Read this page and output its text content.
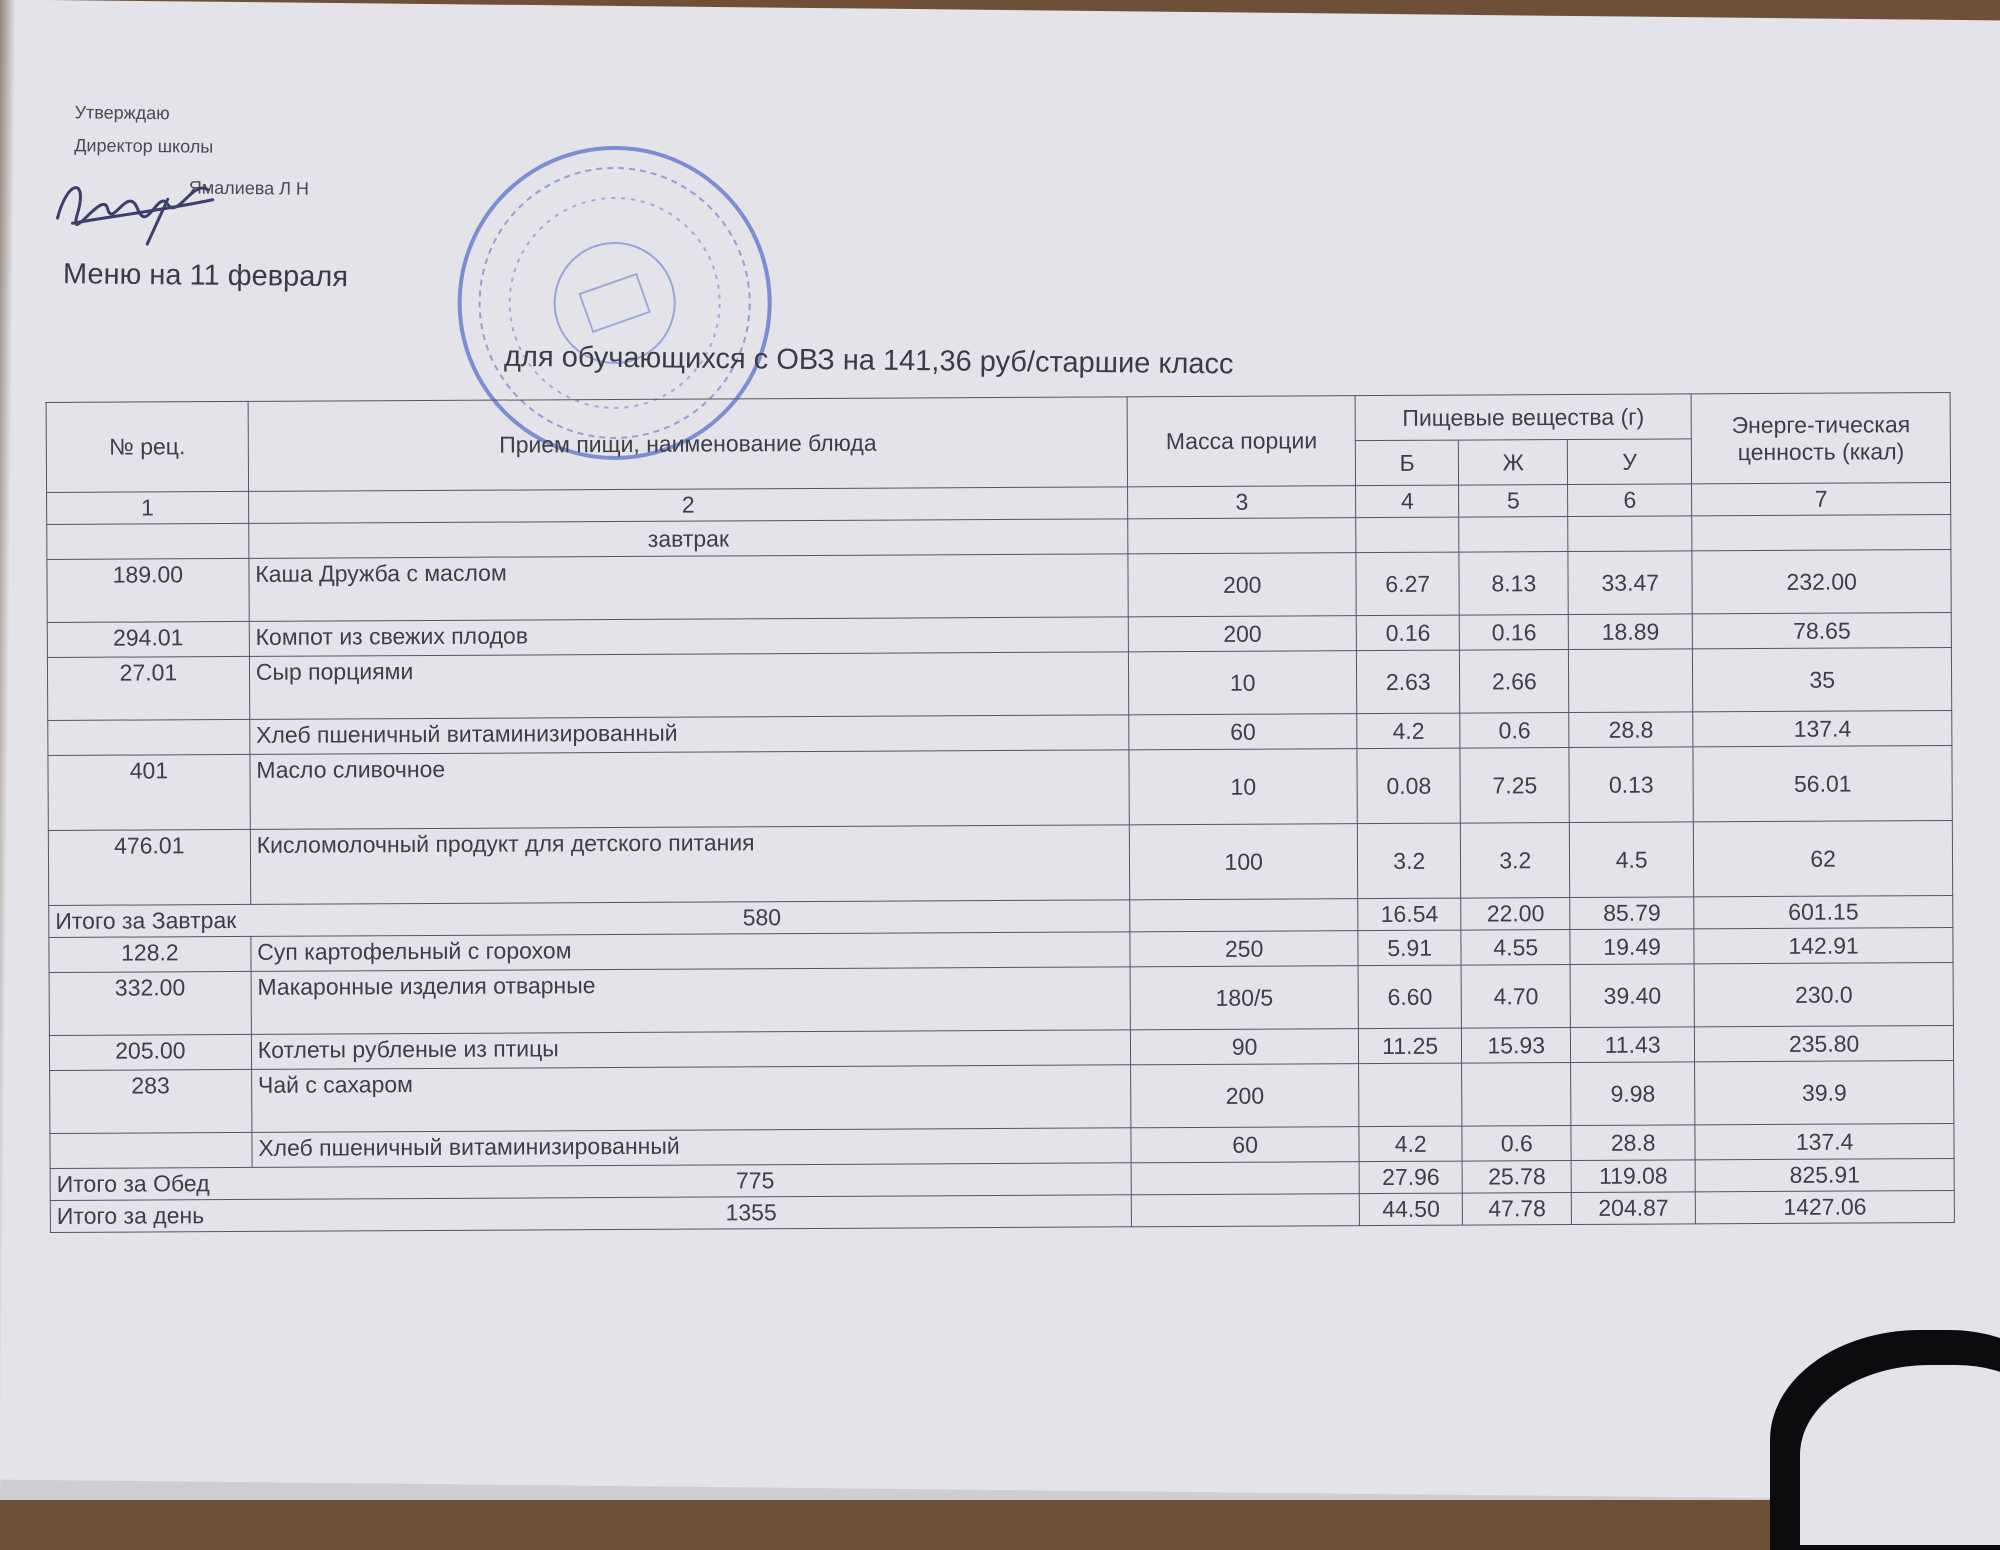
Утверждаю
Директор школы
Ямалиева Л Н
Меню на 11 февраля
для обучающихся с ОВЗ на 141,36 руб/старшие класс
№ рец.	Прием пищи, наименование блюда	Масса порции	Пищевые вещества (г)			Энерге-тическая ценность (ккал)
			Б	Ж	У	
1	2	3	4	5	6	7
	завтрак					
189.00	Каша Дружба с маслом	200	6.27	8.13	33.47	232.00
294.01	Компот из свежих плодов	200	0.16	0.16	18.89	78.65
27.01	Сыр порциями	10	2.63	2.66		35
	Хлеб пшеничный витаминизированный	60	4.2	0.6	28.8	137.4
401	Масло сливочное	10	0.08	7.25	0.13	56.01
476.01	Кисломолочный продукт для детского питания	100	3.2	3.2	4.5	62
Итого за Завтрак 580			16.54	22.00	85.79	601.15
128.2	Суп картофельный с горохом	250	5.91	4.55	19.49	142.91
332.00	Макаронные изделия отварные	180/5	6.60	4.70	39.40	230.0
205.00	Котлеты рубленые из птицы	90	11.25	15.93	11.43	235.80
283	Чай с сахаром	200			9.98	39.9
	Хлеб пшеничный витаминизированный	60	4.2	0.6	28.8	137.4
Итого за Обед 775			27.96	25.78	119.08	825.91
Итого за день 1355			44.50	47.78	204.87	1427.06
